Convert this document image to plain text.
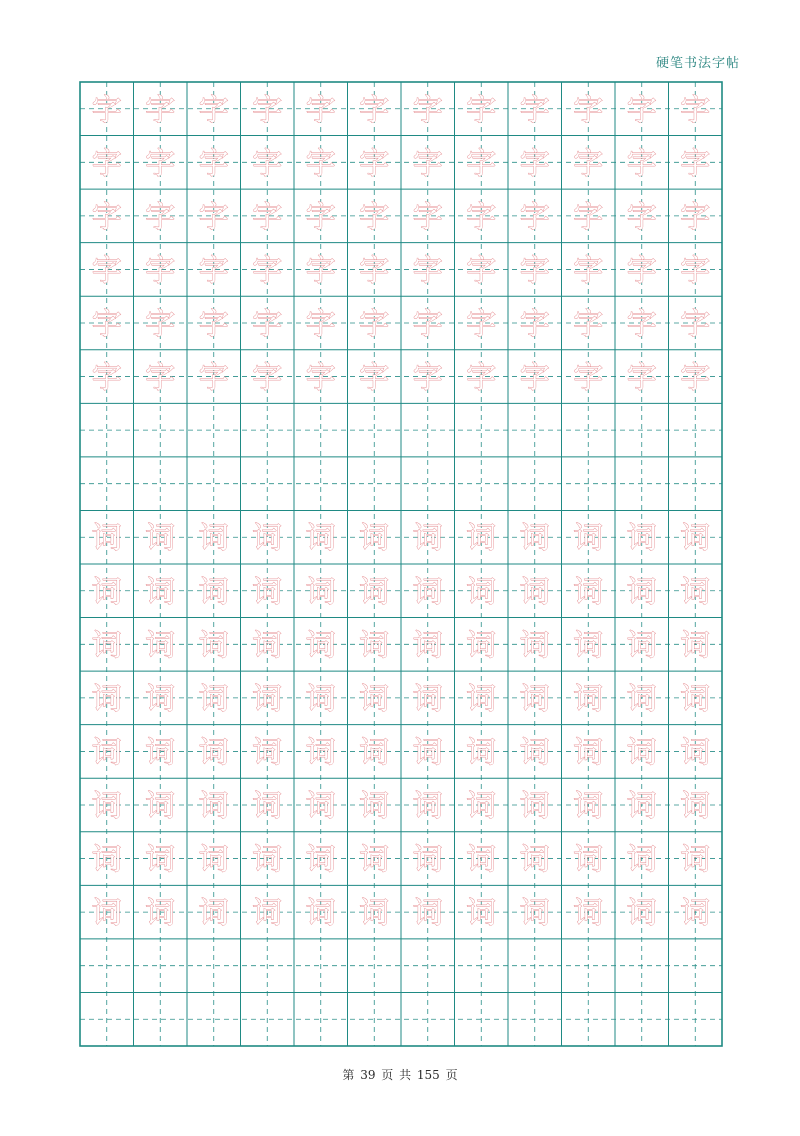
硬笔书法字帖
字 字 字 字 字 字 字 字 字 字 字 字
字 字 字 字 字 字 字 字 字 字 字 字
字 字 字 字 字 字 字 字 字 字 字 字
字 字 字 字 字 字 字 字 字 字 字 字
字 字 字 字 字 字 字 字 字 字 字 字
字 字 字 字 字 字 字 字 字 字 字 字
词 词 词 词 词 词 词 词 词 词 词 词
词 词 词 词 词 词 词 词 词 词 词 词
词 词 词 词 词 词 词 词 词 词 词 词
词 词 词 词 词 词 词 词 词 词 词 词
词 词 词 词 词 词 词 词 词 词 词 词
词 词 词 词 词 词 词 词 词 词 词 词
词 词 词 词 词 词 词 词 词 词 词 词
词 词 词 词 词 词 词 词 词 词 词 词
第 39 页 共 155 页
